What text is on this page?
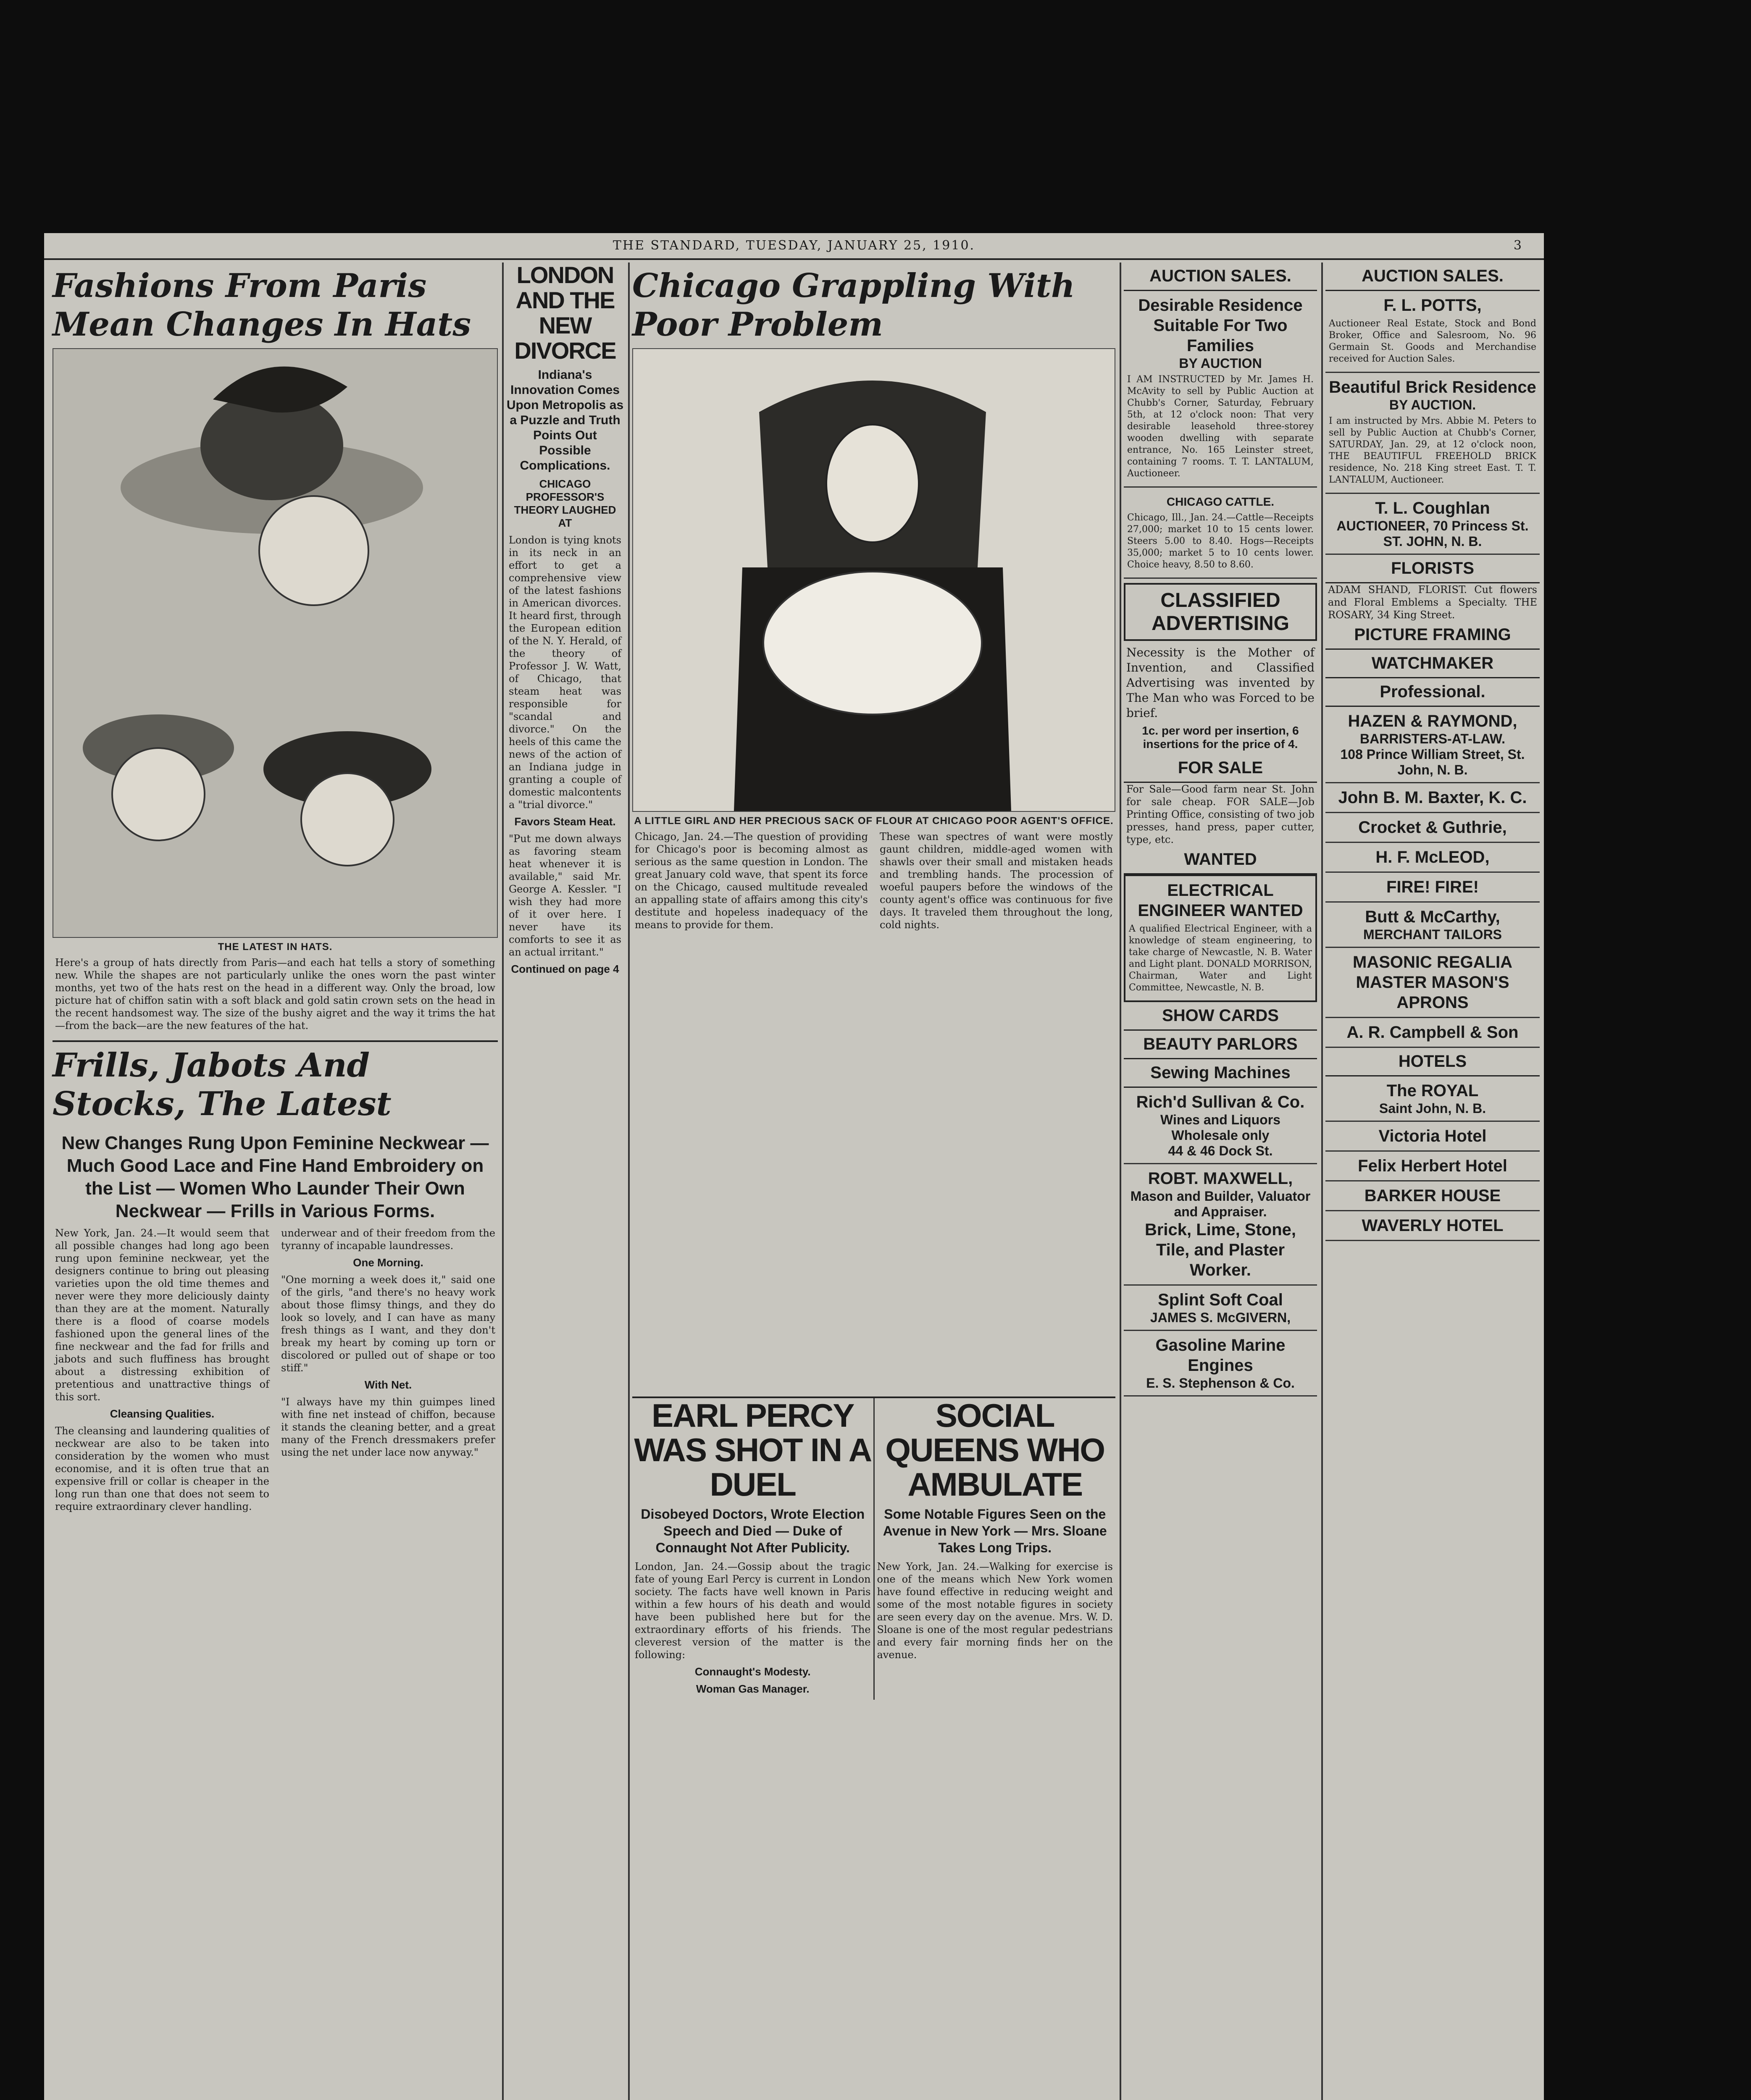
THE STANDARD, TUESDAY, JANUARY 25, 1910.	3
Fashions From Paris Mean Changes In Hats
THE LATEST IN HATS.

Here's a group of hats directly from Paris—and each hat tells a story of something new. While the shapes are not particularly unlike the ones worn the past winter months, yet two of the hats rest on the head in a different way. Only the broad, low picture hat of chiffon satin with a soft black and gold satin crown sets on the head in the recent handsomest way. The size of the bushy aigret and the way it trims the hat—from the back—are the new features of the hat.

Frills, Jabots And Stocks, The Latest

New Changes Rung Upon Feminine Neckwear — Much Good Lace and Fine Hand Embroidery on the List — Women Who Launder Their Own Neckwear — Frills in Various Forms.

New York, Jan. 24.—It would seem that all possible changes had long ago been rung upon feminine neckwear, yet the designers continue to bring out pleasing varieties upon the old time themes and never were they more deliciously dainty than they are at the moment. Naturally there is a flood of coarse models fashioned upon the general lines of the fine neckwear and the fad for frills and jabots and such fluffiness has brought about a distressing exhibition of pretentious and unattractive things of this sort.

Cleansing Qualities.

The cleansing and laundering qualities of neckwear are also to be taken into consideration by the women who must economise, and it is often true that an expensive frill or collar is cheaper in the long run than one that does not seem to require extraordinary clever handling.

underwear and of their freedom from the tyranny of incapable laundresses.

One Morning.

"One morning a week does it," said one of the girls, "and there's no heavy work about those flimsy things, and they do look so lovely, and I can have as many fresh things as I want, and they don't break my heart by coming up torn or discolored or pulled out of shape or too stiff."

With Net.

"I always have my thin guimpes lined with fine net instead of chiffon, because it stands the cleaning better, and a great many of the French dressmakers prefer using the net under lace now anyway."

LONDON AND THE NEW DIVORCE

Indiana's Innovation Comes Upon Metropolis as a Puzzle and Truth Points Out Possible Complications.

CHICAGO PROFESSOR'S THEORY LAUGHED AT

London is tying knots in its neck in an effort to get a comprehensive view of the latest fashions in American divorces. It heard first, through the European edition of the N. Y. Herald, of the theory of Professor J. W. Watt, of Chicago, that steam heat was responsible for "scandal and divorce." On the heels of this came the news of the action of an Indiana judge in granting a couple of domestic malcontents a "trial divorce."

Favors Steam Heat.

"Put me down always as favoring steam heat whenever it is available," said Mr. George A. Kessler. "I wish they had more of it over here. I never have its comforts to see it as an actual irritant."

Continued on page 4
Chicago Grappling With Poor Problem
A LITTLE GIRL AND HER PRECIOUS SACK OF FLOUR AT CHICAGO POOR AGENT'S OFFICE.

Chicago, Jan. 24.—The question of providing for Chicago's poor is becoming almost as serious as the same question in London. The great January cold wave, that spent its force on the Chicago, caused multitude revealed an appalling state of affairs among this city's destitute and hopeless inadequacy of the means to provide for them.

These wan spectres of want were mostly gaunt children, middle-aged women with shawls over their small and mistaken heads and trembling hands. The procession of woeful paupers before the windows of the county agent's office was continuous for five days. It traveled them throughout the long, cold nights.

EARL PERCY WAS SHOT IN A DUEL

Disobeyed Doctors, Wrote Election Speech and Died — Duke of Connaught Not After Publicity.

London, Jan. 24.—Gossip about the tragic fate of young Earl Percy is current in London society. The facts have well known in Paris within a few hours of his death and would have been published here but for the extraordinary efforts of his friends. The cleverest version of the matter is the following:

Connaught's Modesty.
Woman Gas Manager.
SOCIAL QUEENS WHO AMBULATE

Some Notable Figures Seen on the Avenue in New York — Mrs. Sloane Takes Long Trips.

New York, Jan. 24.—Walking for exercise is one of the means which New York women have found effective in reducing weight and some of the most notable figures in society are seen every day on the avenue. Mrs. W. D. Sloane is one of the most regular pedestrians and every fair morning finds her on the avenue.

AUCTION SALES.
Desirable Residence Suitable For Two Families
BY AUCTION

I AM INSTRUCTED by Mr. James H. McAvity to sell by Public Auction at Chubb's Corner, Saturday, February 5th, at 12 o'clock noon: That very desirable leasehold three-storey wooden dwelling with separate entrance, No. 165 Leinster street, containing 7 rooms. T. T. LANTALUM, Auctioneer.

CHICAGO CATTLE.

Chicago, Ill., Jan. 24.—Cattle—Receipts 27,000; market 10 to 15 cents lower. Steers 5.00 to 8.40. Hogs—Receipts 35,000; market 5 to 10 cents lower. Choice heavy, 8.50 to 8.60.

CLASSIFIED ADVERTISING

Necessity is the Mother of Invention, and Classified Advertising was invented by The Man who was Forced to be brief.

1c. per word per insertion, 6 insertions for the price of 4.
FOR SALE

For Sale—Good farm near St. John for sale cheap. FOR SALE—Job Printing Office, consisting of two job presses, hand press, paper cutter, type, etc.

WANTED
ELECTRICAL ENGINEER WANTED

A qualified Electrical Engineer, with a knowledge of steam engineering, to take charge of Newcastle, N. B. Water and Light plant. DONALD MORRISON, Chairman, Water and Light Committee, Newcastle, N. B.

SHOW CARDS
BEAUTY PARLORS
Sewing Machines
Rich'd Sullivan & Co.
Wines and Liquors Wholesale only
44 & 46 Dock St.
ROBT. MAXWELL,
Mason and Builder, Valuator and Appraiser.
Brick, Lime, Stone, Tile, and Plaster Worker.
Splint Soft Coal
JAMES S. McGIVERN,
Gasoline Marine Engines
E. S. Stephenson & Co.
AUCTION SALES.
F. L. POTTS,

Auctioneer Real Estate, Stock and Bond Broker, Office and Salesroom, No. 96 Germain St. Goods and Merchandise received for Auction Sales.

Beautiful Brick Residence
BY AUCTION.

I am instructed by Mrs. Abbie M. Peters to sell by Public Auction at Chubb's Corner, SATURDAY, Jan. 29, at 12 o'clock noon, THE BEAUTIFUL FREEHOLD BRICK residence, No. 218 King street East. T. T. LANTALUM, Auctioneer.

T. L. Coughlan
AUCTIONEER, 70 Princess St. ST. JOHN, N. B.
FLORISTS

ADAM SHAND, FLORIST. Cut flowers and Floral Emblems a Specialty. THE ROSARY, 34 King Street.

PICTURE FRAMING
WATCHMAKER
Professional.
HAZEN & RAYMOND,
BARRISTERS-AT-LAW.
108 Prince William Street, St. John, N. B.
John B. M. Baxter, K. C.
Crocket & Guthrie,
H. F. McLEOD,
FIRE! FIRE!
Butt & McCarthy,
MERCHANT TAILORS
MASONIC REGALIA MASTER MASON'S APRONS
A. R. Campbell & Son
HOTELS
The ROYAL
Saint John, N. B.
Victoria Hotel
Felix Herbert Hotel
BARKER HOUSE
WAVERLY HOTEL
